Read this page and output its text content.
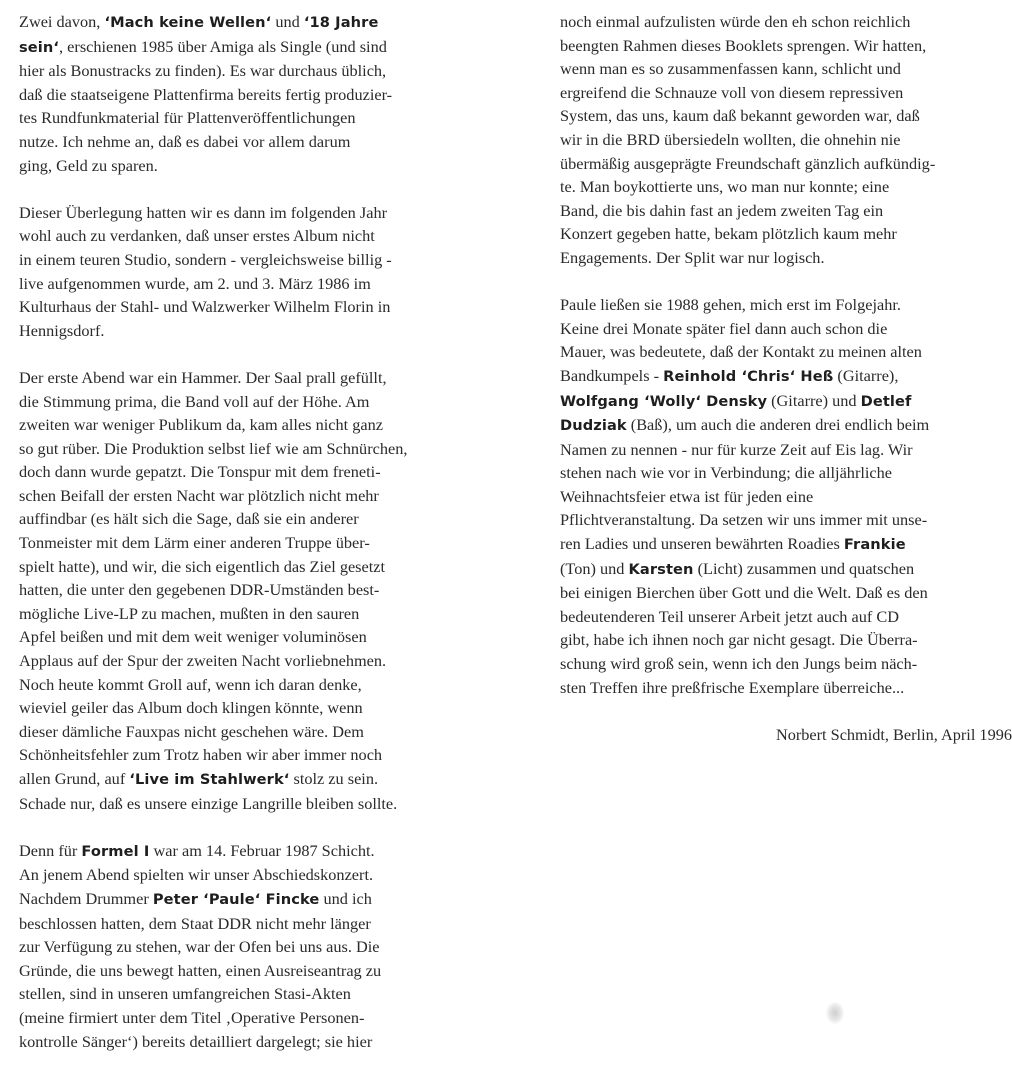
Zwei davon, ‘Mach keine Wellen‘ und ‘18 Jahre
sein‘, erschienen 1985 über Amiga als Single (und sind
hier als Bonustracks zu finden). Es war durchaus üblich,
daß die staatseigene Plattenfirma bereits fertig produzier-
tes Rundfunkmaterial für Plattenveröffentlichungen
nutze. Ich nehme an, daß es dabei vor allem darum
ging, Geld zu sparen.
Dieser Überlegung hatten wir es dann im folgenden Jahr
wohl auch zu verdanken, daß unser erstes Album nicht
in einem teuren Studio, sondern - vergleichsweise billig -
live aufgenommen wurde, am 2. und 3. März 1986 im
Kulturhaus der Stahl- und Walzwerker Wilhelm Florin in
Hennigsdorf.
Der erste Abend war ein Hammer. Der Saal prall gefüllt,
die Stimmung prima, die Band voll auf der Höhe. Am
zweiten war weniger Publikum da, kam alles nicht ganz
so gut rüber. Die Produktion selbst lief wie am Schnürchen,
doch dann wurde gepatzt. Die Tonspur mit dem freneti-
schen Beifall der ersten Nacht war plötzlich nicht mehr
auffindbar (es hält sich die Sage, daß sie ein anderer
Tonmeister mit dem Lärm einer anderen Truppe über-
spielt hatte), und wir, die sich eigentlich das Ziel gesetzt
hatten, die unter den gegebenen DDR-Umständen best-
mögliche Live-LP zu machen, mußten in den sauren
Apfel beißen und mit dem weit weniger voluminösen
Applaus auf der Spur der zweiten Nacht vorliebnehmen.
Noch heute kommt Groll auf, wenn ich daran denke,
wieviel geiler das Album doch klingen könnte, wenn
dieser dämliche Fauxpas nicht geschehen wäre. Dem
Schönheitsfehler zum Trotz haben wir aber immer noch
allen Grund, auf ‘Live im Stahlwerk‘ stolz zu sein.
Schade nur, daß es unsere einzige Langrille bleiben sollte.
Denn für Formel I war am 14. Februar 1987 Schicht.
An jenem Abend spielten wir unser Abschiedskonzert.
Nachdem Drummer Peter ‘Paule‘ Fincke und ich
beschlossen hatten, dem Staat DDR nicht mehr länger
zur Verfügung zu stehen, war der Ofen bei uns aus. Die
Gründe, die uns bewegt hatten, einen Ausreiseantrag zu
stellen, sind in unseren umfangreichen Stasi-Akten
(meine firmiert unter dem Titel ‚Operative Personen-
kontrolle Sänger‘) bereits detailliert dargelegt; sie hier
noch einmal aufzulisten würde den eh schon reichlich
beengten Rahmen dieses Booklets sprengen. Wir hatten,
wenn man es so zusammenfassen kann, schlicht und
ergreifend die Schnauze voll von diesem repressiven
System, das uns, kaum daß bekannt geworden war, daß
wir in die BRD übersiedeln wollten, die ohnehin nie
übermäßig ausgeprägte Freundschaft gänzlich aufkündig-
te. Man boykottierte uns, wo man nur konnte; eine
Band, die bis dahin fast an jedem zweiten Tag ein
Konzert gegeben hatte, bekam plötzlich kaum mehr
Engagements. Der Split war nur logisch.
Paule ließen sie 1988 gehen, mich erst im Folgejahr.
Keine drei Monate später fiel dann auch schon die
Mauer, was bedeutete, daß der Kontakt zu meinen alten
Bandkumpels - Reinhold ‘Chris‘ Heß (Gitarre),
Wolfgang ‘Wolly‘ Densky (Gitarre) und Detlef
Dudziak (Baß), um auch die anderen drei endlich beim
Namen zu nennen - nur für kurze Zeit auf Eis lag. Wir
stehen nach wie vor in Verbindung; die alljährliche
Weihnachtsfeier etwa ist für jeden eine
Pflichtveranstaltung. Da setzen wir uns immer mit unse-
ren Ladies und unseren bewährten Roadies Frankie
(Ton) und Karsten (Licht) zusammen und quatschen
bei einigen Bierchen über Gott und die Welt. Daß es den
bedeutenderen Teil unserer Arbeit jetzt auch auf CD
gibt, habe ich ihnen noch gar nicht gesagt. Die Überra-
schung wird groß sein, wenn ich den Jungs beim näch-
sten Treffen ihre preßfrische Exemplare überreiche...
Norbert Schmidt, Berlin, April 1996
